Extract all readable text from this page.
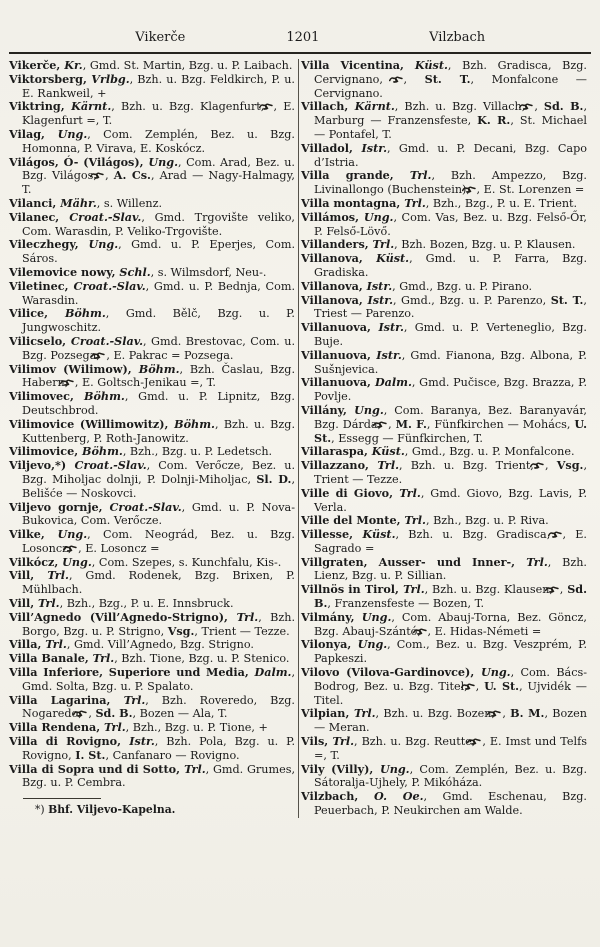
Vikerče	1201	Vilzbach

*) Bhf. Viljevo-Kapelna.

Vikerče, Kr., Gmd. St. Martin, Bzg. u. P. Laibach.

Viktorsberg, Vrlbg., Bzh. u. Bzg. Feldkirch, P. u. E. Rankweil, +

Viktring, Kärnt., Bzh. u. Bzg. Klagenfurt, , E. Klagenfurt =, T.

Vilag, Ung., Com. Zemplén, Bez. u. Bzg. Homonna, P. Virava, E. Koskócz.

Világos, Ó- (Világos), Ung., Com. Arad, Bez. u. Bzg. Világos, , A. Cs., Arad — Nagy-Halmagy, T.

Vilanci, Mähr., s. Willenz.

Vilanec, Croat.-Slav., Gmd. Trgovište veliko, Com. Warasdin, P. Veliko-Trgovište.

Vileczhegy, Ung., Gmd. u. P. Eperjes, Com. Sáros.

Vilemovice nowy, Schl., s. Wilmsdorf, Neu-.

Viletinec, Croat.-Slav., Gmd. u. P. Bednja, Com. Warasdin.

Vilice, Böhm., Gmd. Bělč, Bzg. u. P. Jungwoschitz.

Vilicselo, Croat.-Slav., Gmd. Brestovac, Com. u. Bzg. Pozsega, , E. Pakrac = Pozsega.

Vilimov (Wilimow), Böhm., Bzh. Časlau, Bzg. Habern, , E. Goltsch-Jenikau =, T.

Vilimovec, Böhm., Gmd. u. P. Lipnitz, Bzg. Deutschbrod.

Vilimovice (Willimowitz), Böhm., Bzh. u. Bzg. Kuttenberg, P. Roth-Janowitz.

Vilimovice, Böhm., Bzh., Bzg. u. P. Ledetsch.

Viljevo,*) Croat.-Slav., Com. Verőcze, Bez. u. Bzg. Miholjac dolnji, P. Dolnji-Miholjac, Sl. D., Belišće — Noskovci.

Viljevo gornje, Croat.-Slav., Gmd. u. P. Nova-Bukovica, Com. Verőcze.

Vilke, Ung., Com. Neográd, Bez. u. Bzg. Losoncz, , E. Losoncz =

Vilkócz, Ung., Com. Szepes, s. Kunchfalu, Kis-.

Vill, Trl., Gmd. Rodenek, Bzg. Brixen, P. Mühlbach.

Vill, Trl., Bzh., Bzg., P. u. E. Innsbruck.

Vill’Agnedo (Vill’Agnedo-Strigno), Trl., Bzh. Borgo, Bzg. u. P. Strigno, Vsg., Trient — Tezze.

Villa, Trl., Gmd. Vill’Agnedo, Bzg. Strigno.

Villa Banale, Trl., Bzh. Tione, Bzg. u. P. Stenico.

Villa Inferiore, Superiore und Media, Dalm., Gmd. Solta, Bzg. u. P. Spalato.

Villa Lagarina, Trl., Bzh. Roveredo, Bzg. Nogaredo, , Sd. B., Bozen — Ala, T.

Villa Rendena, Trl., Bzh., Bzg. u. P. Tione, +

Villa di Rovigno, Istr., Bzh. Pola, Bzg. u. P. Rovigno, I. St., Canfanaro — Rovigno.

Villa di Sopra und di Sotto, Trl., Gmd. Grumes, Bzg. u. P. Cembra.

Villa Vicentina, Küst., Bzh. Gradisca, Bzg. Cervignano, , St. T., Monfalcone — Cervignano.

Villach, Kärnt., Bzh. u. Bzg. Villach, , Sd. B., Marburg — Franzensfeste, K. R., St. Michael — Pontafel, T.

Villadol, Istr., Gmd. u. P. Decani, Bzg. Capo d’Istria.

Villa grande, Trl., Bzh. Ampezzo, Bzg. Livinallongo (Buchenstein), , E. St. Lorenzen =

Villa montagna, Trl., Bzh., Bzg., P. u. E. Trient.

Villámos, Ung., Com. Vas, Bez. u. Bzg. Felső-Őr, P. Felső-Lövő.

Villanders, Trl., Bzh. Bozen, Bzg. u. P. Klausen.

Villanova, Küst., Gmd. u. P. Farra, Bzg. Gradiska.

Villanova, Istr., Gmd., Bzg. u. P. Pirano.

Villanova, Istr., Gmd., Bzg. u. P. Parenzo, St. T., Triest — Parenzo.

Villanuova, Istr., Gmd. u. P. Verteneglio, Bzg. Buje.

Villanuova, Istr., Gmd. Fianona, Bzg. Albona, P. Sušnjevica.

Villanuova, Dalm., Gmd. Pučisce, Bzg. Brazza, P. Povlje.

Villány, Ung., Com. Baranya, Bez. Baranyavár, Bzg. Dárda, , M. F., Fünfkirchen — Mohács, U. St., Essegg — Fünfkirchen, T.

Villaraspa, Küst., Gmd., Bzg. u. P. Monfalcone.

Villazzano, Trl., Bzh. u. Bzg. Trient, , Vsg., Trient — Tezze.

Ville di Giovo, Trl., Gmd. Giovo, Bzg. Lavis, P. Verla.

Ville del Monte, Trl., Bzh., Bzg. u. P. Riva.

Villesse, Küst., Bzh. u. Bzg. Gradisca, , E. Sagrado =

Villgraten, Ausser- und Inner-, Trl., Bzh. Lienz, Bzg. u. P. Sillian.

Villnös in Tirol, Trl., Bzh. u. Bzg. Klausen, , Sd. B., Franzensfeste — Bozen, T.

Vilmány, Ung., Com. Abauj-Torna, Bez. Göncz, Bzg. Abauj-Szántó, , E. Hidas-Németi =

Vilonya, Ung., Com., Bez. u. Bzg. Veszprém, P. Papkeszi.

Vilovo (Vilova-Gardinovce), Ung., Com. Bács-Bodrog, Bez. u. Bzg. Titel, , U. St., Ujvidék — Titel.

Vilpian, Trl., Bzh. u. Bzg. Bozen, , B. M., Bozen — Meran.

Vils, Trl., Bzh. u. Bzg. Reutte, , E. Imst und Telfs =, T.

Vily (Villy), Ung., Com. Zemplén, Bez. u. Bzg. Sátoralja-Ujhely, P. Mikóháza.

Vilzbach, O. Oe., Gmd. Eschenau, Bzg. Peuerbach, P. Neukirchen am Walde.
